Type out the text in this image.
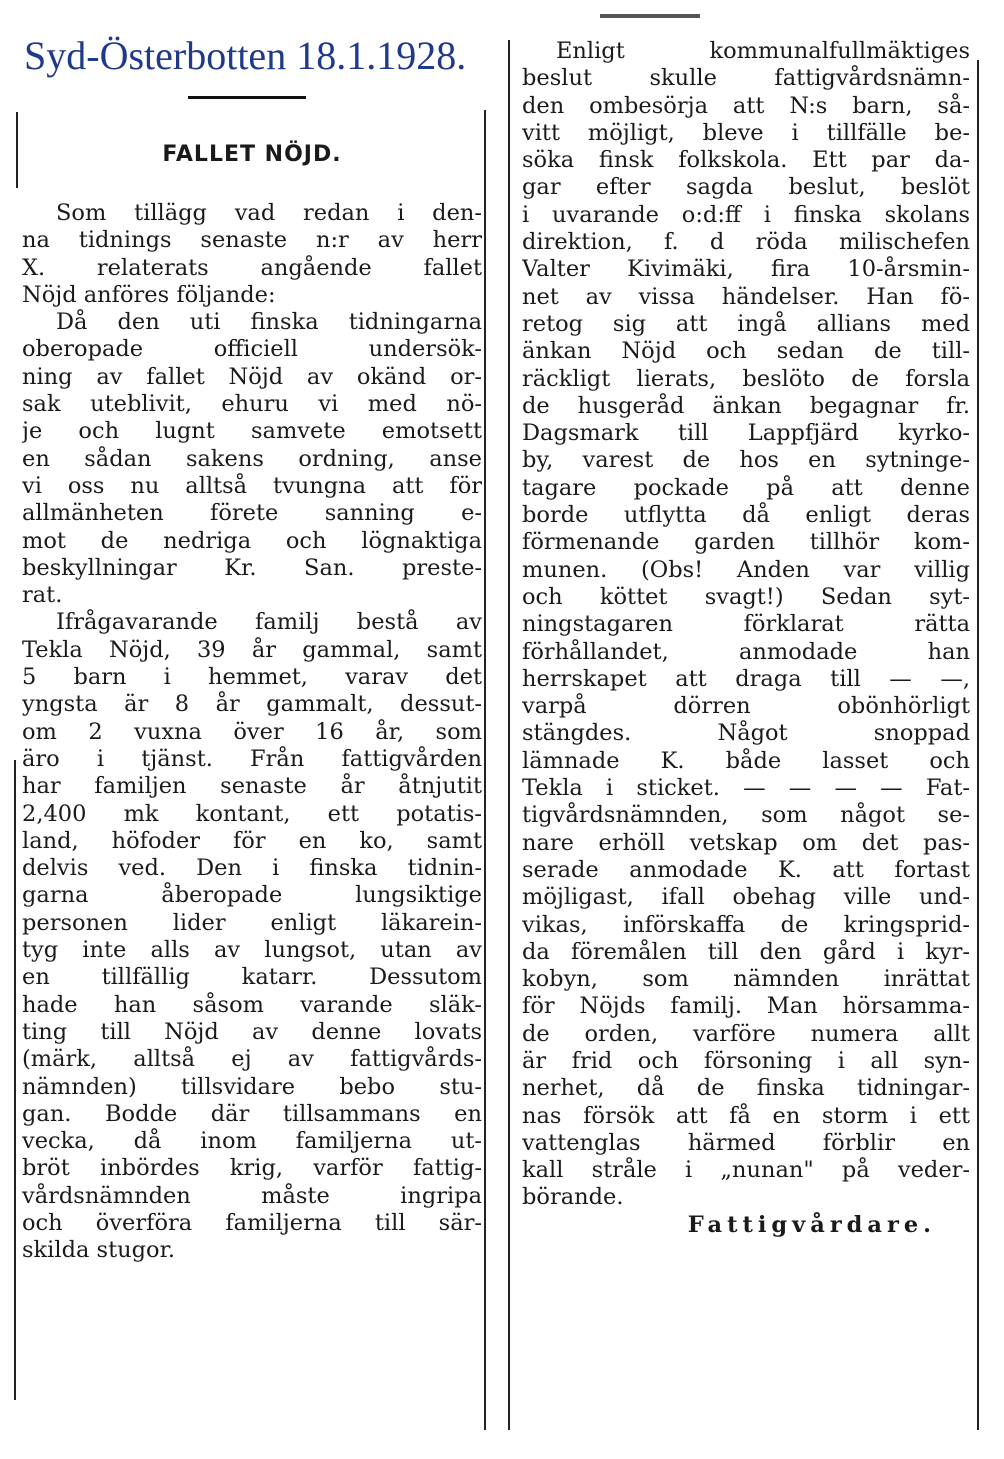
Syd-Österbotten 18.1.1928.
FALLET NÖJD.
Som tillägg vad redan i den-
na tidnings senaste n:r av herr
X. relaterats angående fallet
Nöjd anföres följande:
Då den uti finska tidningarna
oberopade officiell undersök-
ning av fallet Nöjd av okänd or-
sak uteblivit, ehuru vi med nö-
je och lugnt samvete emotsett
en sådan sakens ordning, anse
vi oss nu alltså tvungna att för
allmänheten förete sanning e-
mot de nedriga och lögnaktiga
beskyllningar Kr. San. preste-
rat.
Ifrågavarande familj bestå av
Tekla Nöjd, 39 år gammal, samt
5 barn i hemmet, varav det
yngsta är 8 år gammalt, dessut-
om 2 vuxna över 16 år, som
äro i tjänst. Från fattigvården
har familjen senaste år åtnjutit
2,400 mk kontant, ett potatis-
land, höfoder för en ko, samt
delvis ved. Den i finska tidnin-
garna åberopade lungsiktige
personen lider enligt läkarein-
tyg inte alls av lungsot, utan av
en tillfällig katarr. Dessutom
hade han såsom varande släk-
ting till Nöjd av denne lovats
(märk, alltså ej av fattigvårds-
nämnden) tillsvidare bebo stu-
gan. Bodde där tillsammans en
vecka, då inom familjerna ut-
bröt inbördes krig, varför fattig-
vårdsnämnden måste ingripa
och överföra familjerna till sär-
skilda stugor.
Enligt kommunalfullmäktiges
beslut skulle fattigvårdsnämn-
den ombesörja att N:s barn, så-
vitt möjligt, bleve i tillfälle be-
söka finsk folkskola. Ett par da-
gar efter sagda beslut, beslöt
i uvarande o:d:ff i finska skolans
direktion, f. d röda milischefen
Valter Kivimäki, fira 10-årsmin-
net av vissa händelser. Han fö-
retog sig att ingå allians med
änkan Nöjd och sedan de till-
räckligt lierats, beslöto de forsla
de husgeråd änkan begagnar fr.
Dagsmark till Lappfjärd kyrko-
by, varest de hos en sytninge-
tagare pockade på att denne
borde utflytta då enligt deras
förmenande garden tillhör kom-
munen. (Obs! Anden var villig
och köttet svagt!) Sedan syt-
ningstagaren förklarat rätta
förhållandet, anmodade han
herrskapet att draga till — —,
varpå dörren obönhörligt
stängdes. Något snoppad
lämnade K. både lasset och
Tekla i sticket. — — — — Fat-
tigvårdsnämnden, som något se-
nare erhöll vetskap om det pas-
serade anmodade K. att fortast
möjligast, ifall obehag ville und-
vikas, införskaffa de kringsprid-
da föremålen till den gård i kyr-
kobyn, som nämnden inrättat
för Nöjds familj. Man hörsamma-
de orden, varföre numera allt
är frid och försoning i all syn-
nerhet, då de finska tidningar-
nas försök att få en storm i ett
vattenglas härmed förblir en
kall stråle i „nunan" på veder-
börande.
Fattigvårdare.
